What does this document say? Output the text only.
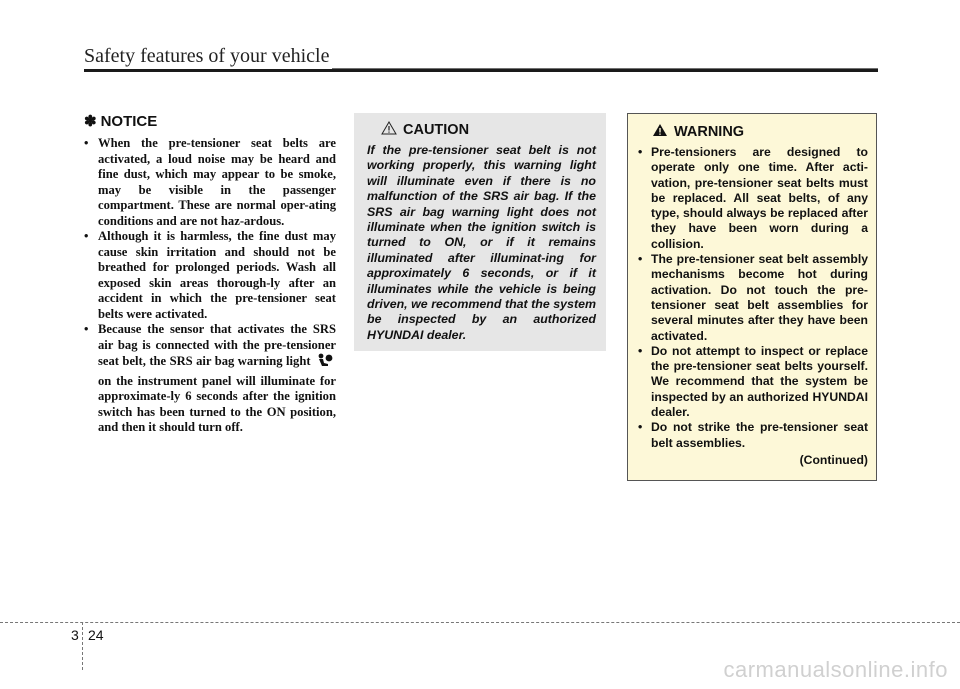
Safety features of your vehicle
✽ NOTICE
• When the pre-tensioner seat belts are activated, a loud noise may be heard and fine dust, which may appear to be smoke, may be visible in the passenger compartment. These are normal oper-ating conditions and are not haz-ardous.
• Although it is harmless, the fine dust may cause skin irritation and should not be breathed for prolonged periods. Wash all exposed skin areas thorough-ly after an accident in which the pre-tensioner seat belts were activated.
• Because the sensor that activates the SRS air bag is connected with the pre-tensioner seat belt, the SRS air bag warning light  on the instrument panel will illuminate for approximate-ly 6 seconds after the ignition switch has been turned to the ON position, and then it should turn off.
CAUTION
If the pre-tensioner seat belt is not working properly, this warning light will illuminate even if there is no malfunction of the SRS air bag. If the SRS air bag warning light does not illuminate when the ignition switch is turned to ON, or if it remains illuminated after illuminat-ing for approximately 6 seconds, or if it illuminates while the vehicle is being driven, we recommend that the system be inspected by an authorized HYUNDAI dealer.
WARNING
• Pre-tensioners are designed to operate only one time. After acti-vation, pre-tensioner seat belts must be replaced. All seat belts, of any type, should always be replaced after they have been worn during a collision.
• The pre-tensioner seat belt assembly mechanisms become hot during activation. Do not touch the pre-tensioner seat belt assemblies for several minutes after they have been activated.
• Do not attempt to inspect or replace the pre-tensioner seat belts yourself. We recommend that the system be inspected by an authorized HYUNDAI dealer.
• Do not strike the pre-tensioner seat belt assemblies.
(Continued)
3 24
carmanualsonline.info
